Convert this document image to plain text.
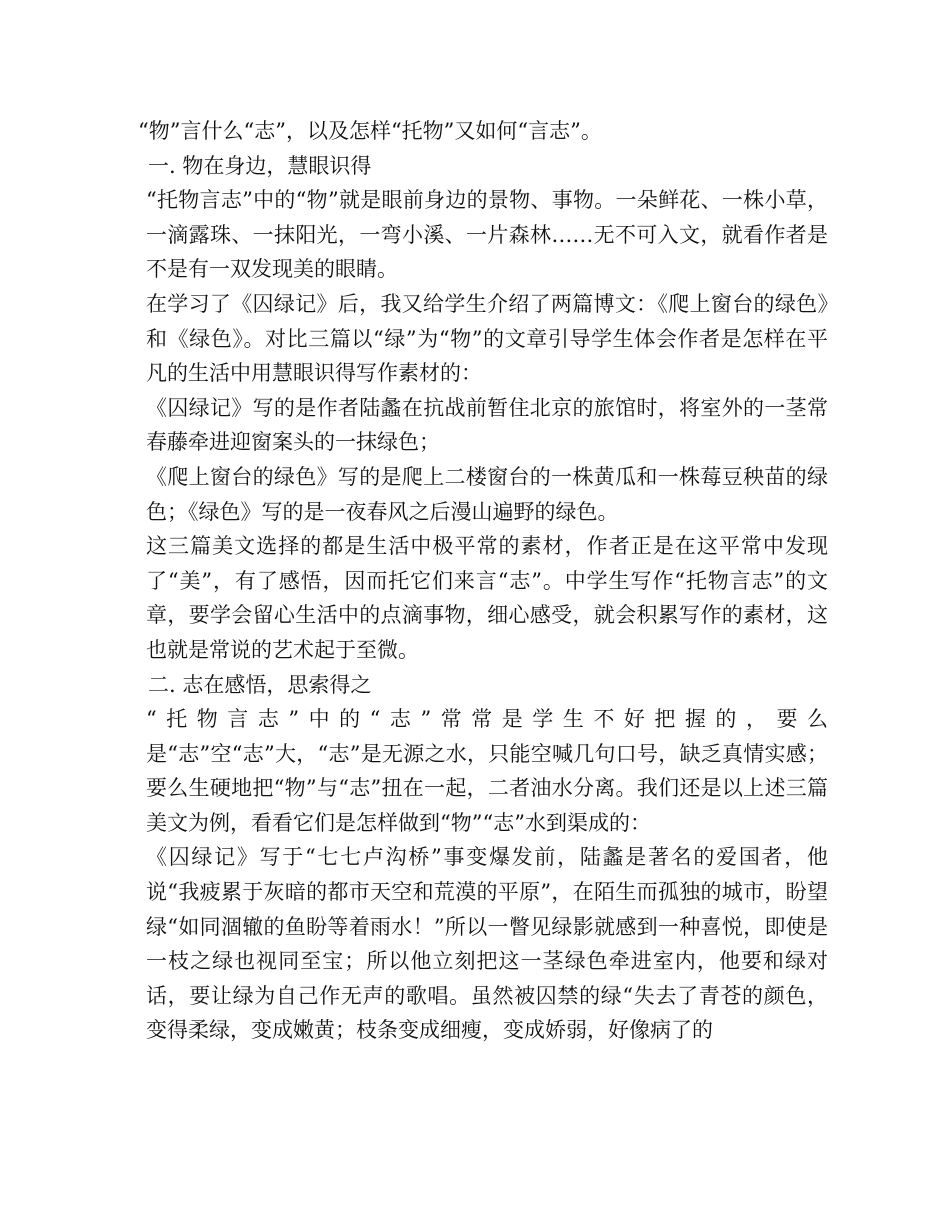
“物”言什么“志”，以及怎样“托物”又如何“言志”。

一. 物在身边，慧眼识得

“托物言志”中的“物”就是眼前身边的景物、事物。一朵鲜花、一株小草，一滴露珠、一抹阳光，一弯小溪、一片森林……无不可入文，就看作者是不是有一双发现美的眼睛。

在学习了《囚绿记》后，我又给学生介绍了两篇博文：《爬上窗台的绿色》和《绿色》。对比三篇以“绿”为“物”的文章引导学生体会作者是怎样在平凡的生活中用慧眼识得写作素材的：

《囚绿记》写的是作者陆蠡在抗战前暂住北京的旅馆时，将室外的一茎常春藤牵进迎窗案头的一抹绿色；

《爬上窗台的绿色》写的是爬上二楼窗台的一株黄瓜和一株莓豆秧苗的绿色；《绿色》写的是一夜春风之后漫山遍野的绿色。

这三篇美文选择的都是生活中极平常的素材，作者正是在这平常中发现了“美”，有了感悟，因而托它们来言“志”。中学生写作“托物言志”的文章，要学会留心生活中的点滴事物，细心感受，就会积累写作的素材，这也就是常说的艺术起于至微。

二. 志在感悟，思索得之

“托物言志”中的“志”常常是学生不好把握的，要么是“志”空“志”大，“志”是无源之水，只能空喊几句口号，缺乏真情实感；要么生硬地把“物”与“志”扭在一起，二者油水分离。我们还是以上述三篇美文为例，看看它们是怎样做到“物”“志”水到渠成的：

《囚绿记》写于“七七卢沟桥”事变爆发前，陆蠡是著名的爱国者，他说“我疲累于灰暗的都市天空和荒漠的平原”，在陌生而孤独的城市，盼望绿“如同涸辙的鱼盼等着雨水！”所以一瞥见绿影就感到一种喜悦，即使是一枝之绿也视同至宝；所以他立刻把这一茎绿色牵进室内，他要和绿对话，要让绿为自己作无声的歌唱。虽然被囚禁的绿“失去了青苍的颜色，变得柔绿，变成嫩黄；枝条变成细瘦，变成娇弱，好像病了的
